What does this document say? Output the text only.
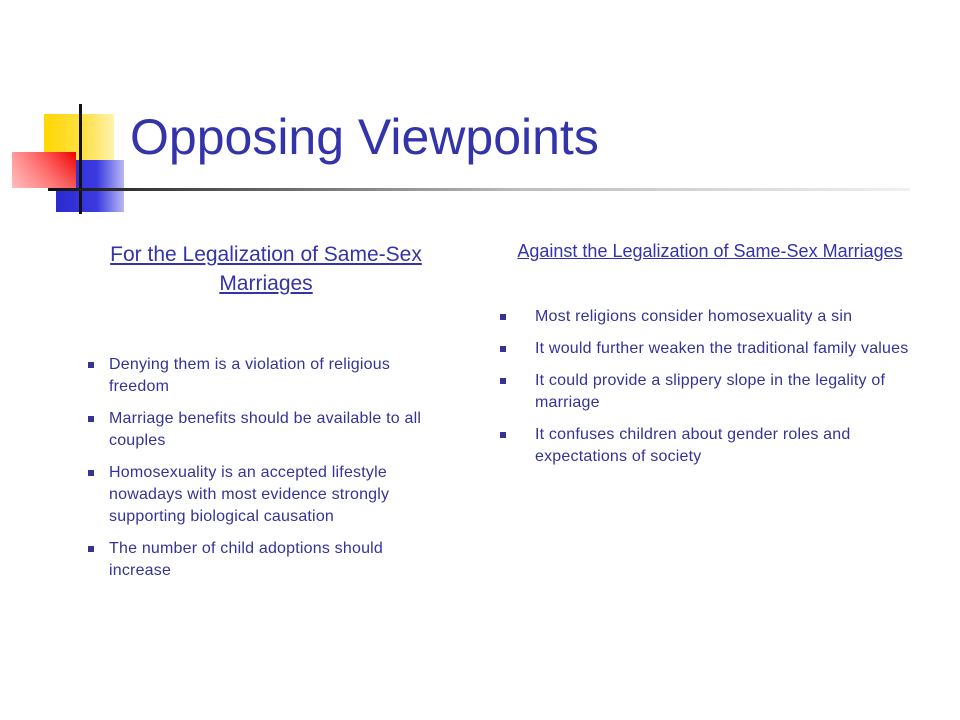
Opposing Viewpoints

For the Legalization of Same-Sex Marriages

Denying them is a violation of religious freedom
Marriage benefits should be available to all couples
Homosexuality is an accepted lifestyle nowadays with most evidence strongly supporting biological causation
The number of child adoptions should increase

Against the Legalization of Same-Sex Marriages

Most religions consider homosexuality a sin
It would further weaken the traditional family values
It could provide a slippery slope in the legality of marriage
It confuses children about gender roles and expectations of society
